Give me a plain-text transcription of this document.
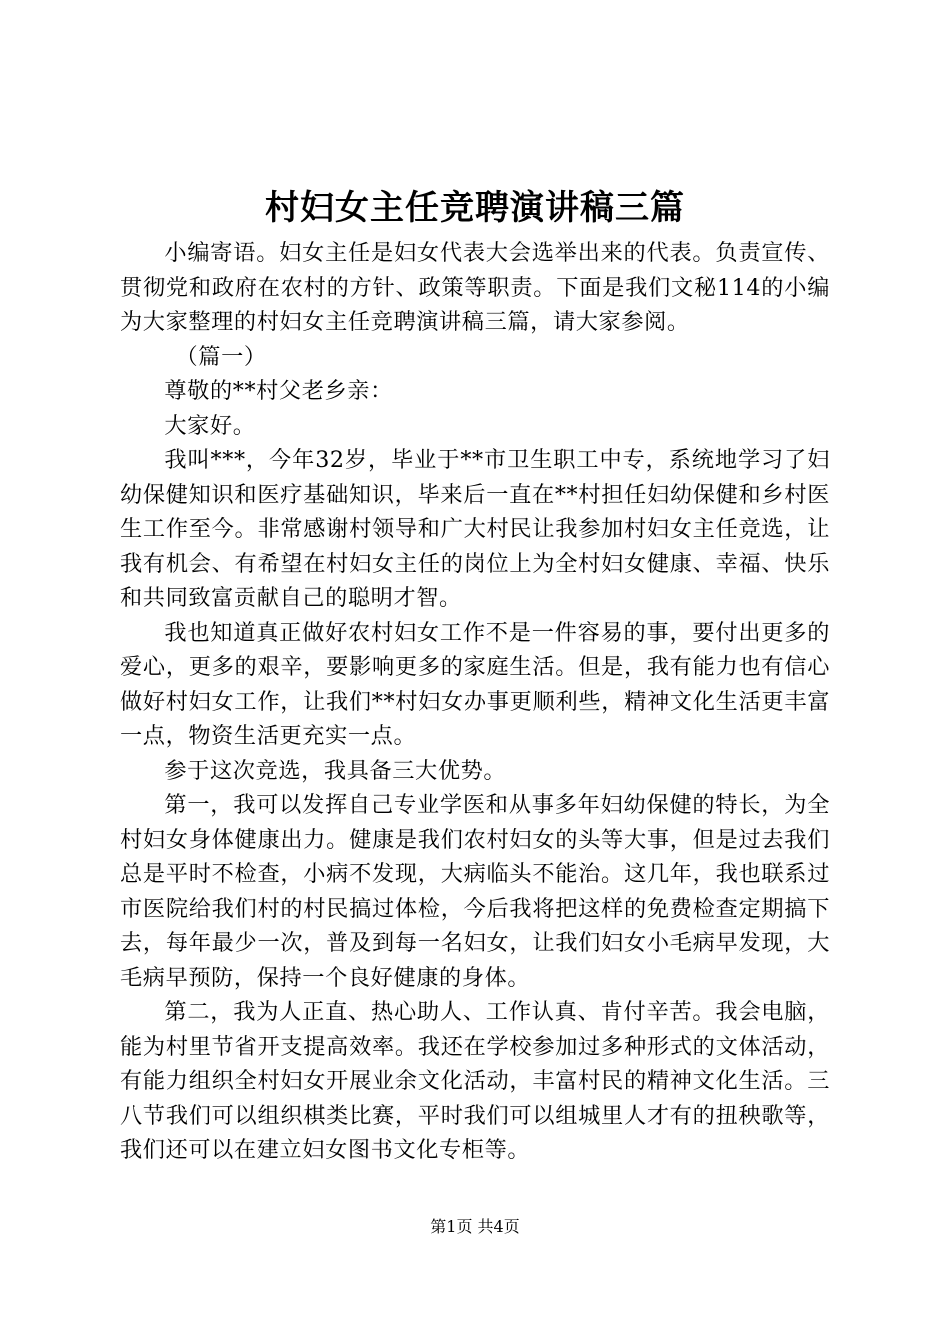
村妇女主任竞聘演讲稿三篇

小编寄语。妇女主任是妇女代表大会选举出来的代表。负责宣传、贯彻党和政府在农村的方针、政策等职责。下面是我们文秘114的小编为大家整理的村妇女主任竞聘演讲稿三篇，请大家参阅。

（篇一）

尊敬的**村父老乡亲：

大家好。

我叫***，今年32岁，毕业于**市卫生职工中专，系统地学习了妇幼保健知识和医疗基础知识，毕来后一直在**村担任妇幼保健和乡村医生工作至今。非常感谢村领导和广大村民让我参加村妇女主任竞选，让我有机会、有希望在村妇女主任的岗位上为全村妇女健康、幸福、快乐和共同致富贡献自己的聪明才智。

我也知道真正做好农村妇女工作不是一件容易的事，要付出更多的爱心，更多的艰辛，要影响更多的家庭生活。但是，我有能力也有信心做好村妇女工作，让我们**村妇女办事更顺利些，精神文化生活更丰富一点，物资生活更充实一点。

参于这次竞选，我具备三大优势。

第一，我可以发挥自己专业学医和从事多年妇幼保健的特长，为全村妇女身体健康出力。健康是我们农村妇女的头等大事，但是过去我们总是平时不检查，小病不发现，大病临头不能治。这几年，我也联系过市医院给我们村的村民搞过体检，今后我将把这样的免费检查定期搞下去，每年最少一次，普及到每一名妇女，让我们妇女小毛病早发现，大毛病早预防，保持一个良好健康的身体。

第二，我为人正直、热心助人、工作认真、肯付辛苦。我会电脑，能为村里节省开支提高效率。我还在学校参加过多种形式的文体活动，有能力组织全村妇女开展业余文化活动，丰富村民的精神文化生活。三八节我们可以组织棋类比赛，平时我们可以组城里人才有的扭秧歌等，我们还可以在建立妇女图书文化专柜等。

第1页 共4页
